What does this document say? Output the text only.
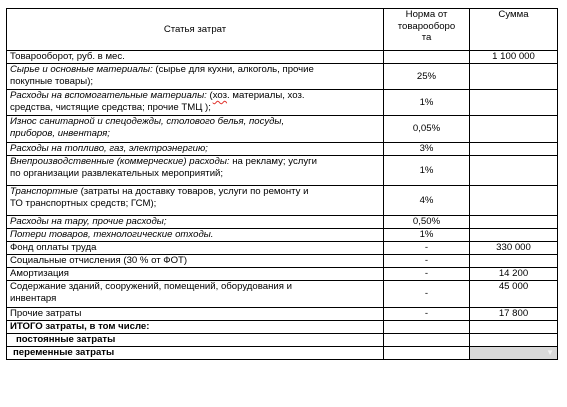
Статья затрат	Норма от
товарооборо
та	Сумма
Товарооборот, руб. в мес.		1 100 000

Сырье и основные материалы: (сырье для кухни, алкоголь, прочие
покупные товары);	25%	

Расходы на вспомогательные материалы: (хоз. материалы, хоз.
средства, чистящие средства; прочие ТМЦ );	1%	

Износ санитарной и спецодежды, столового белья, посуды,
приборов, инвентаря;	0,05%	
Расходы на топливо, газ, электроэнергию;	3%	

Внепроизводственные (коммерческие) расходы: на рекламу; услуги
по организации развлекательных мероприятий;	1%	

Транспортные (затраты на доставку товаров, услуги по ремонту и
ТО транспортных средств; ГСМ);	4%	
Расходы на тару, прочие расходы;	0,50%	
Потери товаров, технологические отходы.	1%	
Фонд оплаты труда	-	330 000
Социальные отчисления (30 % от ФОТ)	-	
Амортизация	-	14 200

Содержание зданий, сооружений, помещений, оборудования и
инвентаря	-	45 000
Прочие затраты	-	17 800
ИТОГО затраты, в том числе:		
постоянные затраты		
переменные затраты		▼
